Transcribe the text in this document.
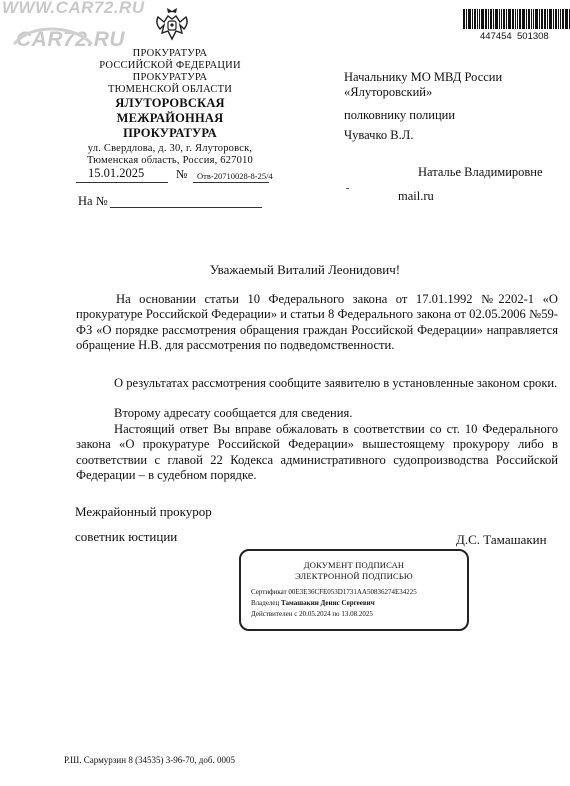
WWW.CAR72.RU
CAR72.RU	447454 501308
ПРОКУРАТУРА
РОССИЙСКОЙ ФЕДЕРАЦИИ
ПРОКУРАТУРА
ТЮМЕНСКОЙ ОБЛАСТИ
ЯЛУТОРОВСКАЯ
МЕЖРАЙОННАЯ
ПРОКУРАТУРА
ул. Свердлова, д. 30, г. Ялуторовск,
Тюменская область, Россия, 627010
15.01.2025	№ Отв-20710028-8-25/4
На №
Начальнику МО МВД России
«Ялуторовский»
полковнику полиции
Чувачко В.Л.
Наталье Владимировне
-
mail.ru
Уважаемый Виталий Леонидович!
На основании статьи 10 Федерального закона от 17.01.1992 №2202-1 «О прокуратуре Российской Федерации» и статьи 8 Федерального закона от 02.05.2006 №59-ФЗ «О порядке рассмотрения обращения граждан Российской Федерации» направляется обращение Н.В. для рассмотрения по подведомственности.
О результатах рассмотрения сообщите заявителю в установленные законом сроки.
Второму адресату сообщается для сведения.
Настоящий ответ Вы вправе обжаловать в соответствии со ст. 10 Федерального закона «О прокуратуре Российской Федерации» вышестоящему прокурору либо в соответствии с главой 22 Кодекса административного судопроизводства Российской Федерации – в судебном порядке.
Межрайонный прокурор
советник юстиции	Д.С. Тамашакин
ДОКУМЕНТ ПОДПИСАН
ЭЛЕКТРОННОЙ ПОДПИСЬЮ
Сертификат 00E3E36CFE053D1731AA50836274E34225
Владелец Тамашакин Денис Сергеевич
Действителен с 20.05.2024 по 13.08.2025
Р.Ш. Сармурзин 8 (34535) 3-96-70, доб. 0005
